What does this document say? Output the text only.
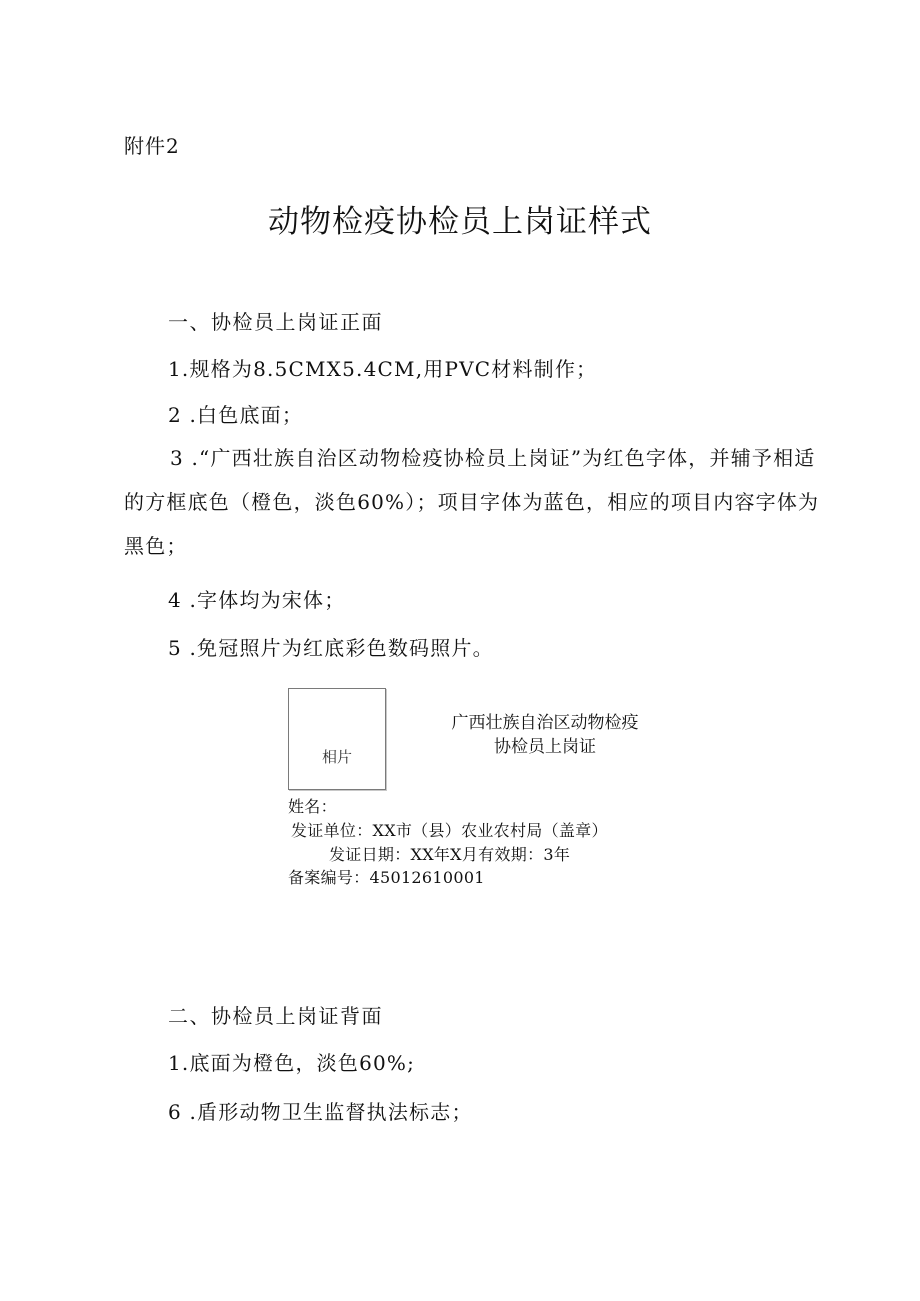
附件2
动物检疫协检员上岗证样式
一、协检员上岗证正面
1.规格为8.5CMX5.4CM,用PVC材料制作；
2 .白色底面；
3 .“广西壮族自治区动物检疫协检员上岗证”为红色字体，并辅予相适的方框底色（橙色，淡色60%）；项目字体为蓝色，相应的项目内容字体为黑色；
4 .字体均为宋体；
5 .免冠照片为红底彩色数码照片。
相片
广西壮族自治区动物检疫
协检员上岗证
姓名：
发证单位：XX市（县）农业农村局（盖章）
发证日期：XX年X月有效期：3年
备案编号：45012610001
二、协检员上岗证背面
1.底面为橙色，淡色60%;
6 .盾形动物卫生监督执法标志；
